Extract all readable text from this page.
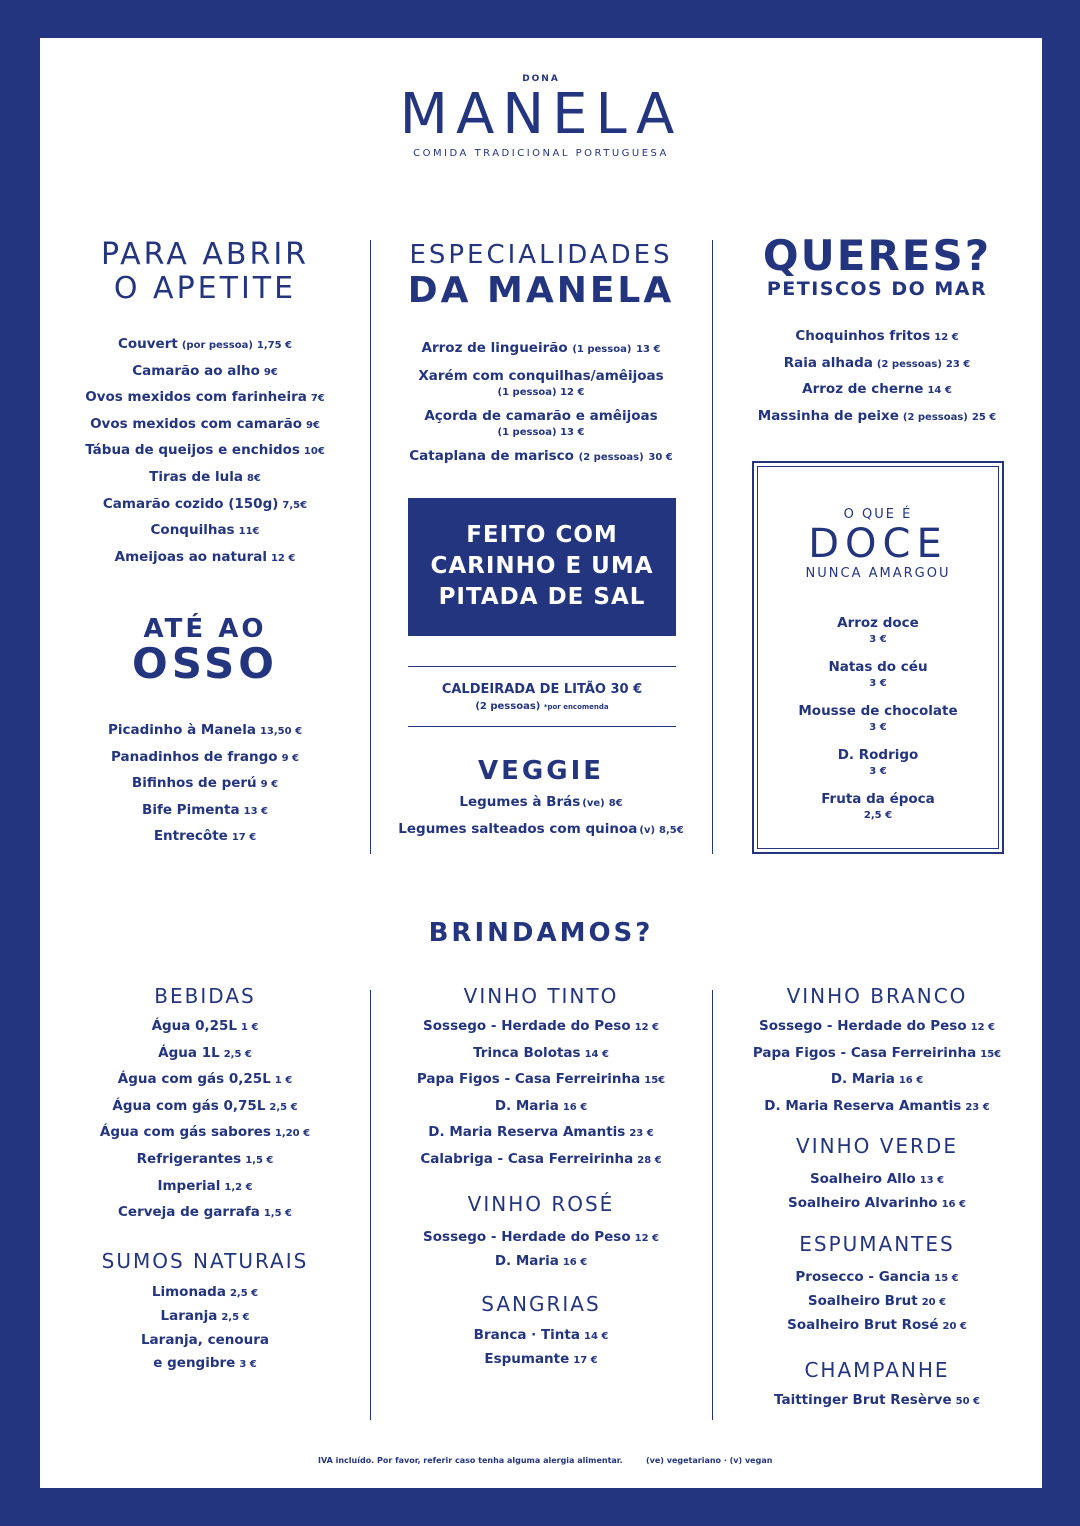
DONA
MANELA
COMIDA TRADICIONAL PORTUGUESA
PARA ABRIR
O APETITE
Couvert (por pessoa) 1,75 €
Camarão ao alho 9€
Ovos mexidos com farinheira 7€
Ovos mexidos com camarão 9€
Tábua de queijos e enchidos 10€
Tiras de lula 8€
Camarão cozido (150g) 7,5€
Conquilhas 11€
Ameijoas ao natural 12 €
ATÉ AO
OSSO
Picadinho à Manela 13,50 €
Panadinhos de frango 9 €
Bifinhos de perú 9 €
Bife Pimenta 13 €
Entrecôte 17 €
ESPECIALIDADES
DA MANELA
Arroz de lingueirão (1 pessoa) 13 €
Xarém com conquilhas/amêijoas
(1 pessoa) 12 €
Açorda de camarão e amêijoas
(1 pessoa) 13 €
Cataplana de marisco (2 pessoas) 30 €
FEITO COM
CARINHO E UMA
PITADA DE SAL
CALDEIRADA DE LITÃO 30 €
(2 pessoas) *por encomenda
VEGGIE
Legumes à Brás (ve) 8€
Legumes salteados com quinoa (v) 8,5€
QUERES?
PETISCOS DO MAR
Choquinhos fritos 12 €
Raia alhada (2 pessoas) 23 €
Arroz de cherne 14 €
Massinha de peixe (2 pessoas) 25 €
O QUE É
DOCE
NUNCA AMARGOU
Arroz doce
3 €
Natas do céu
3 €
Mousse de chocolate
3 €
D. Rodrigo
3 €
Fruta da época
2,5 €
BRINDAMOS?
BEBIDAS
Água 0,25L 1 €
Água 1L 2,5 €
Água com gás 0,25L 1 €
Água com gás 0,75L 2,5 €
Água com gás sabores 1,20 €
Refrigerantes 1,5 €
Imperial 1,2 €
Cerveja de garrafa 1,5 €
SUMOS NATURAIS
Limonada 2,5 €
Laranja 2,5 €
Laranja, cenoura
e gengibre 3 €
VINHO TINTO
Sossego - Herdade do Peso 12 €
Trinca Bolotas 14 €
Papa Figos - Casa Ferreirinha 15€
D. Maria 16 €
D. Maria Reserva Amantis 23 €
Calabriga - Casa Ferreirinha 28 €
VINHO ROSÉ
Sossego - Herdade do Peso 12 €
D. Maria 16 €
SANGRIAS
Branca · Tinta 14 €
Espumante 17 €
VINHO BRANCO
Sossego - Herdade do Peso 12 €
Papa Figos - Casa Ferreirinha 15€
D. Maria 16 €
D. Maria Reserva Amantis 23 €
VINHO VERDE
Soalheiro Allo 13 €
Soalheiro Alvarinho 16 €
ESPUMANTES
Prosecco - Gancia 15 €
Soalheiro Brut 20 €
Soalheiro Brut Rosé 20 €
CHAMPANHE
Taittinger Brut Resèrve 50 €
IVA incluído. Por favor, referir caso tenha alguma alergia alimentar.	(ve) vegetariano · (v) vegan
